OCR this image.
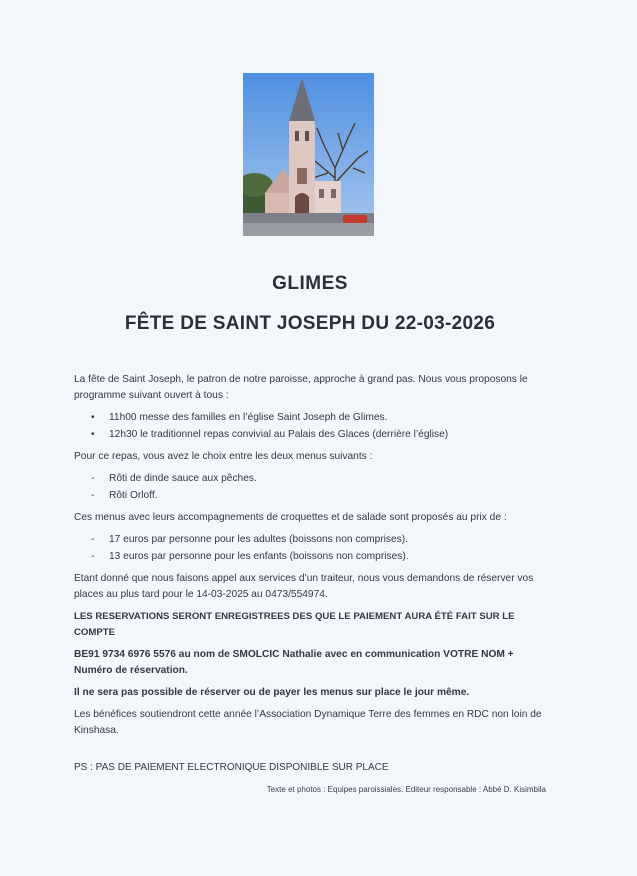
GLIMES
FÊTE DE SAINT JOSEPH DU 22-03-2026

La fête de Saint Joseph, le patron de notre paroisse, approche à grand pas. Nous vous proposons le programme suivant ouvert à tous :

• 11h00 messe des familles en l’église Saint Joseph de Glimes.
• 12h30 le traditionnel repas convivial au Palais des Glaces (derrière l’église)

Pour ce repas, vous avez le choix entre les deux menus suivants :

- Rôti de dinde sauce aux pêches.
- Rôti Orloff.

Ces menus avec leurs accompagnements de croquettes et de salade sont proposés au prix de :

- 17 euros par personne pour les adultes (boissons non comprises).
- 13 euros par personne pour les enfants (boissons non comprises).

Etant donné que nous faisons appel aux services d’un traiteur, nous vous demandons de réserver vos places au plus tard pour le 14-03-2025 au 0473/554974.

LES RESERVATIONS SERONT ENREGISTREES DES QUE LE PAIEMENT AURA ÉTÉ FAIT SUR LE COMPTE

BE91 9734 6976 5576 au nom de SMOLCIC Nathalie avec en communication VOTRE NOM + Numéro de réservation.

Il ne sera pas possible de réserver ou de payer les menus sur place le jour même.

Les bénéfices soutiendront cette année l’Association Dynamique Terre des femmes en RDC non loin de Kinshasa.

PS : PAS DE PAIEMENT ELECTRONIQUE DISPONIBLE SUR PLACE
Texte et photos : Equipes paroissiales. Editeur responsable : Abbé D. Kisimbila
